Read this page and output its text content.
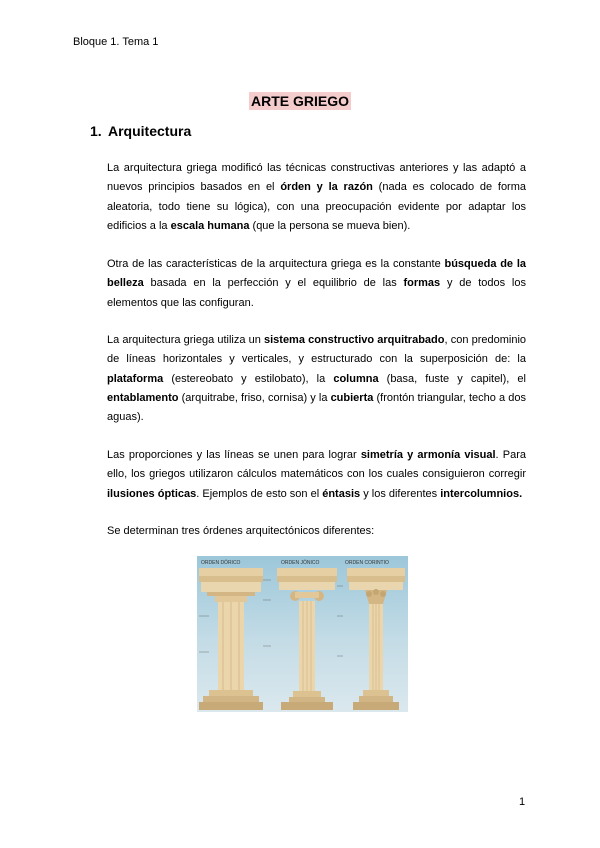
Bloque 1. Tema 1
ARTE GRIEGO
1. Arquitectura
La arquitectura griega modificó las técnicas constructivas anteriores y las adaptó a nuevos principios basados en el órden y la razón (nada es colocado de forma aleatoria, todo tiene su lógica), con una preocupación evidente por adaptar los edificios a la escala humana (que la persona se mueva bien).
Otra de las características de la arquitectura griega es la constante búsqueda de la belleza basada en la perfección y el equilibrio de las formas y de todos los elementos que las configuran.
La arquitectura griega utiliza un sistema constructivo arquitrabado, con predominio de líneas horizontales y verticales, y estructurado con la superposición de: la plataforma (estereobato y estilobato), la columna (basa, fuste y capitel), el entablamento (arquitrabe, friso, cornisa) y la cubierta (frontón triangular, techo a dos aguas).
Las proporciones y las líneas se unen para lograr simetría y armonía visual. Para ello, los griegos utilizaron cálculos matemáticos con los cuales consiguieron corregir ilusiones ópticas. Ejemplos de esto son el éntasis y los diferentes intercolumnios.
Se determinan tres órdenes arquitectónicos diferentes:
ORDEN DÓRICO	ORDEN JÓNICO	ORDEN CORINTIO
1
